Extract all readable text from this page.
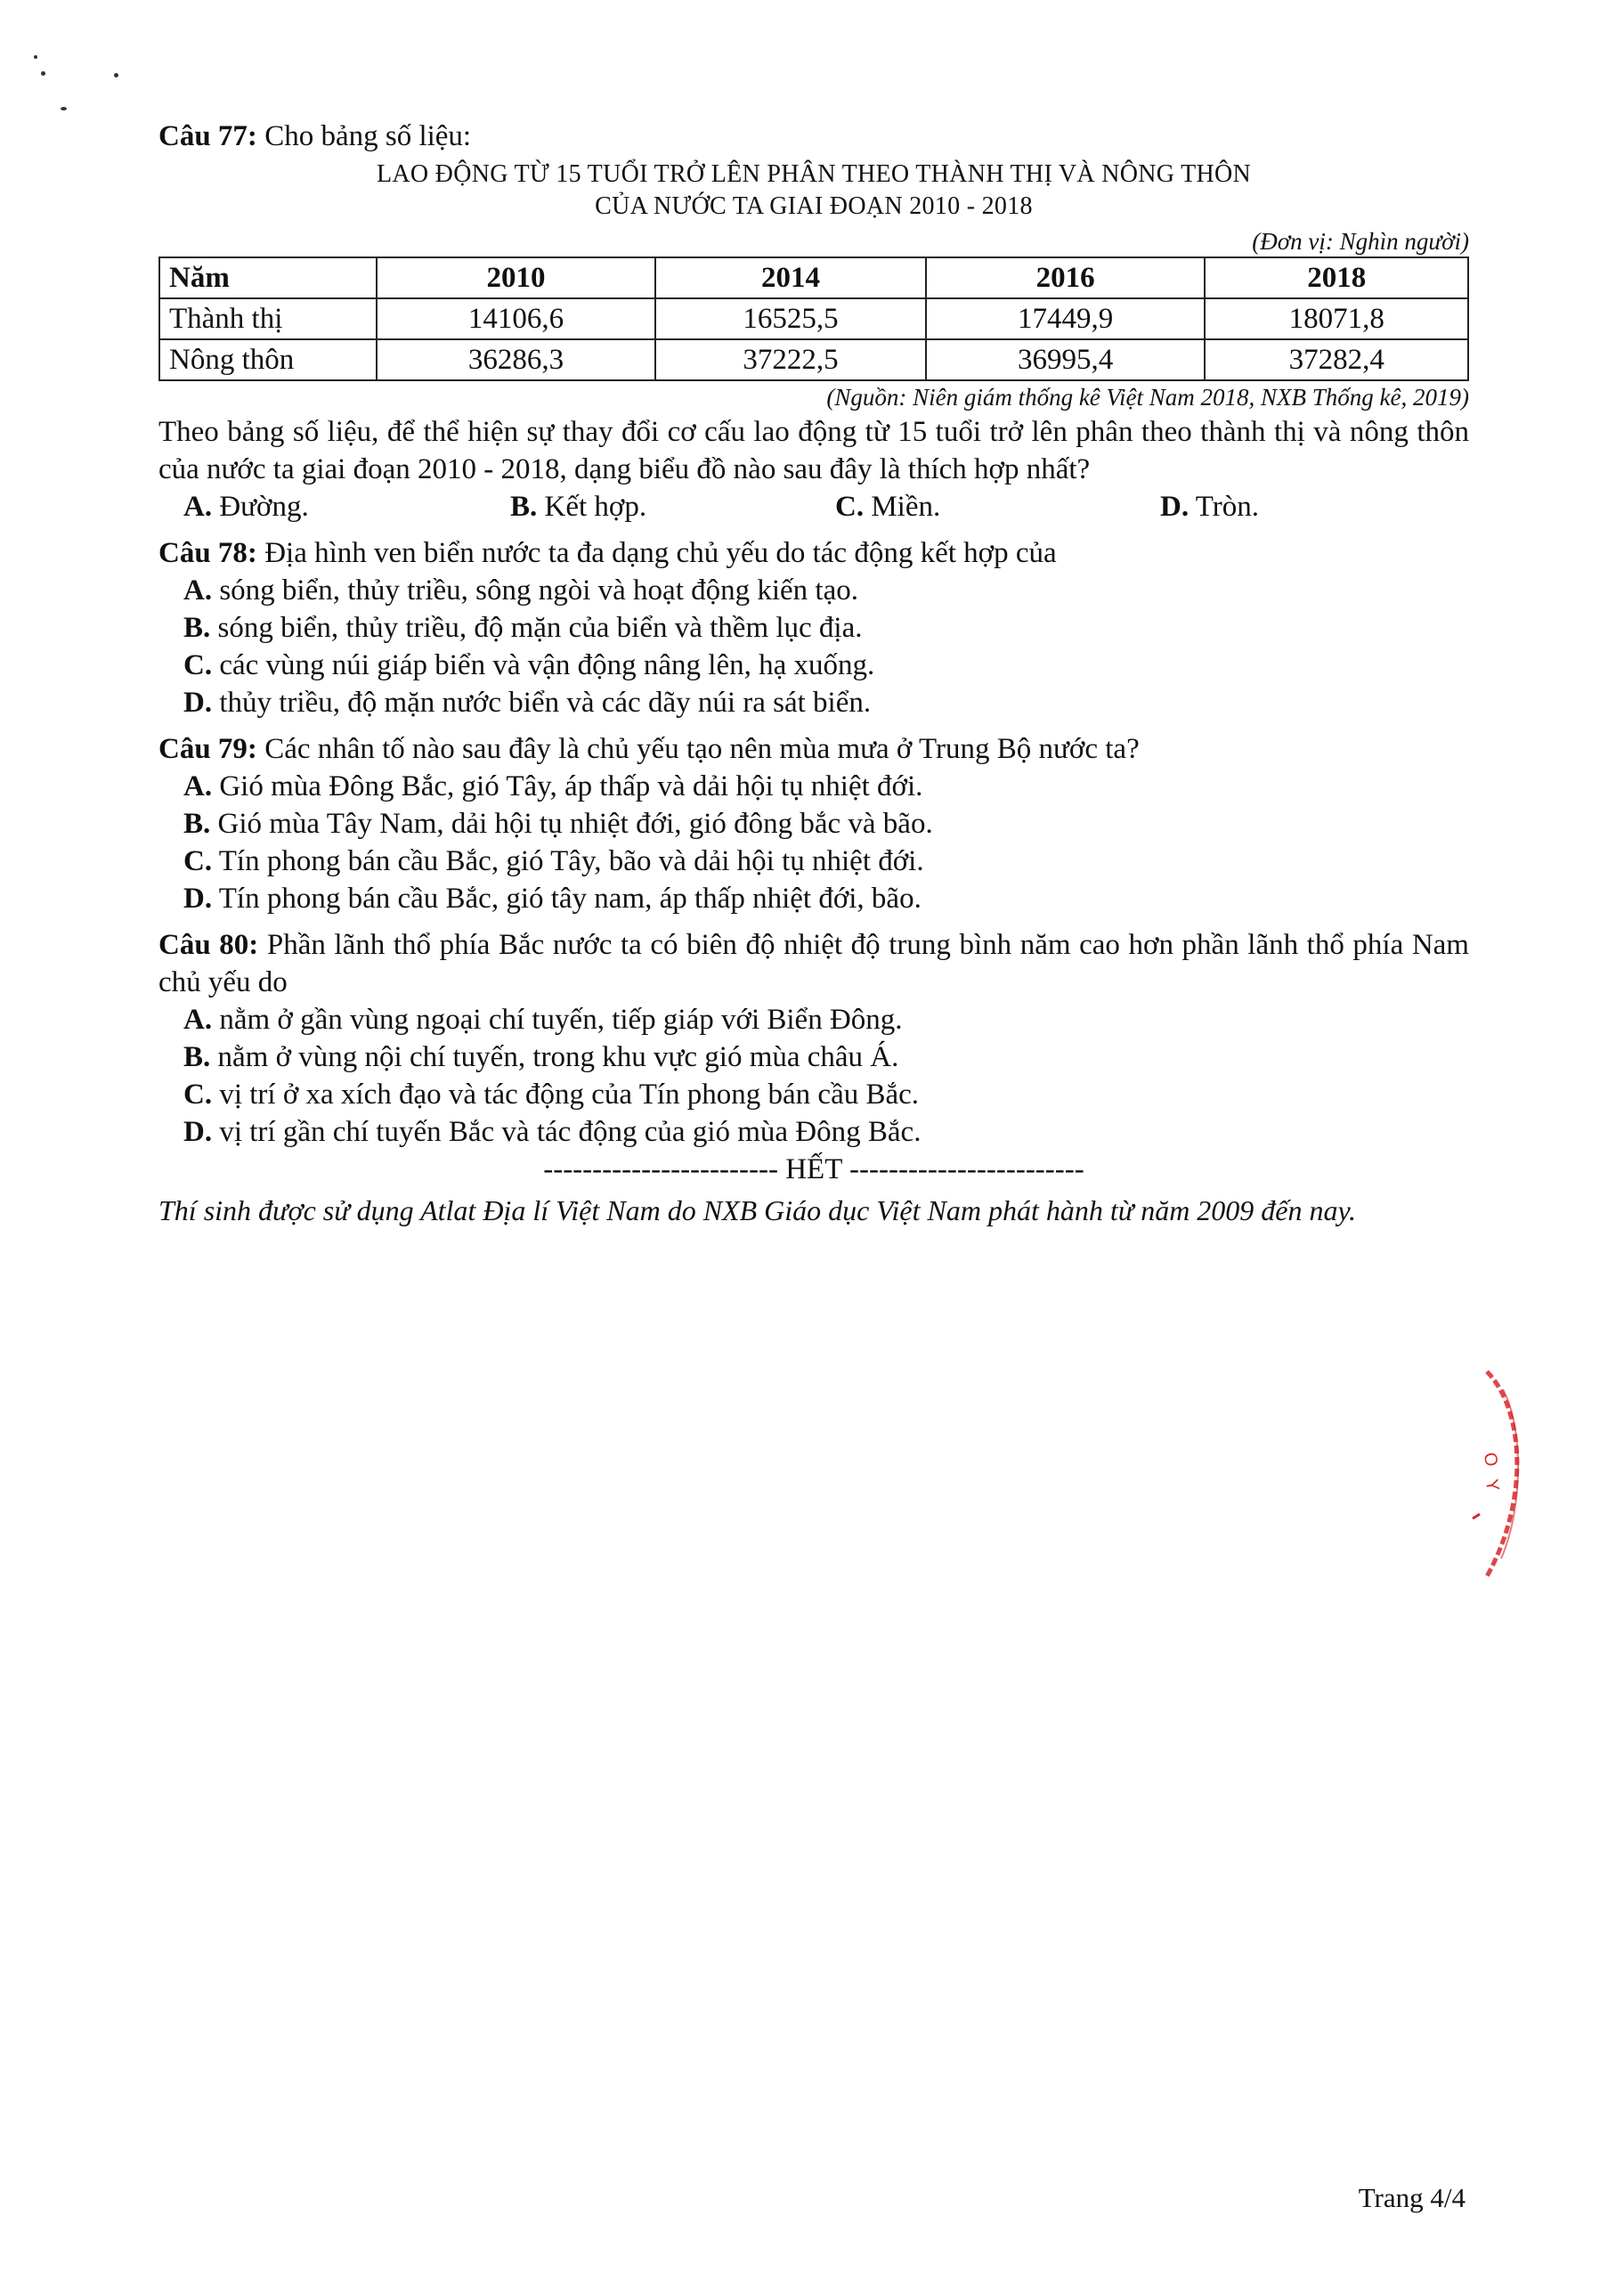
Câu 77: Cho bảng số liệu:

LAO ĐỘNG TỪ 15 TUỔI TRỞ LÊN PHÂN THEO THÀNH THỊ VÀ NÔNG THÔN
CỦA NƯỚC TA GIAI ĐOẠN 2010 - 2018
(Đơn vị: Nghìn người)
Năm	2010	2014	2016	2018
Thành thị	14106,6	16525,5	17449,9	18071,8
Nông thôn	36286,3	37222,5	36995,4	37282,4
(Nguồn: Niên giám thống kê Việt Nam 2018, NXB Thống kê, 2019)

Theo bảng số liệu, để thể hiện sự thay đổi cơ cấu lao động từ 15 tuổi trở lên phân theo thành thị và nông thôn của nước ta giai đoạn 2010 - 2018, dạng biểu đồ nào sau đây là thích hợp nhất?

A. Đường.	B. Kết hợp.	C. Miền.	D. Tròn.

Câu 78: Địa hình ven biển nước ta đa dạng chủ yếu do tác động kết hợp của

A. sóng biển, thủy triều, sông ngòi và hoạt động kiến tạo.

B. sóng biển, thủy triều, độ mặn của biển và thềm lục địa.

C. các vùng núi giáp biển và vận động nâng lên, hạ xuống.

D. thủy triều, độ mặn nước biển và các dãy núi ra sát biển.

Câu 79: Các nhân tố nào sau đây là chủ yếu tạo nên mùa mưa ở Trung Bộ nước ta?

A. Gió mùa Đông Bắc, gió Tây, áp thấp và dải hội tụ nhiệt đới.

B. Gió mùa Tây Nam, dải hội tụ nhiệt đới, gió đông bắc và bão.

C. Tín phong bán cầu Bắc, gió Tây, bão và dải hội tụ nhiệt đới.

D. Tín phong bán cầu Bắc, gió tây nam, áp thấp nhiệt đới, bão.

Câu 80: Phần lãnh thổ phía Bắc nước ta có biên độ nhiệt độ trung bình năm cao hơn phần lãnh thổ phía Nam chủ yếu do

A. nằm ở gần vùng ngoại chí tuyến, tiếp giáp với Biển Đông.

B. nằm ở vùng nội chí tuyến, trong khu vực gió mùa châu Á.

C. vị trí ở xa xích đạo và tác động của Tín phong bán cầu Bắc.

D. vị trí gần chí tuyến Bắc và tác động của gió mùa Đông Bắc.

------------------------ HẾT ------------------------
Thí sinh được sử dụng Atlat Địa lí Việt Nam do NXB Giáo dục Việt Nam phát hành từ năm 2009 đến nay.
O
Y
Trang 4/4
